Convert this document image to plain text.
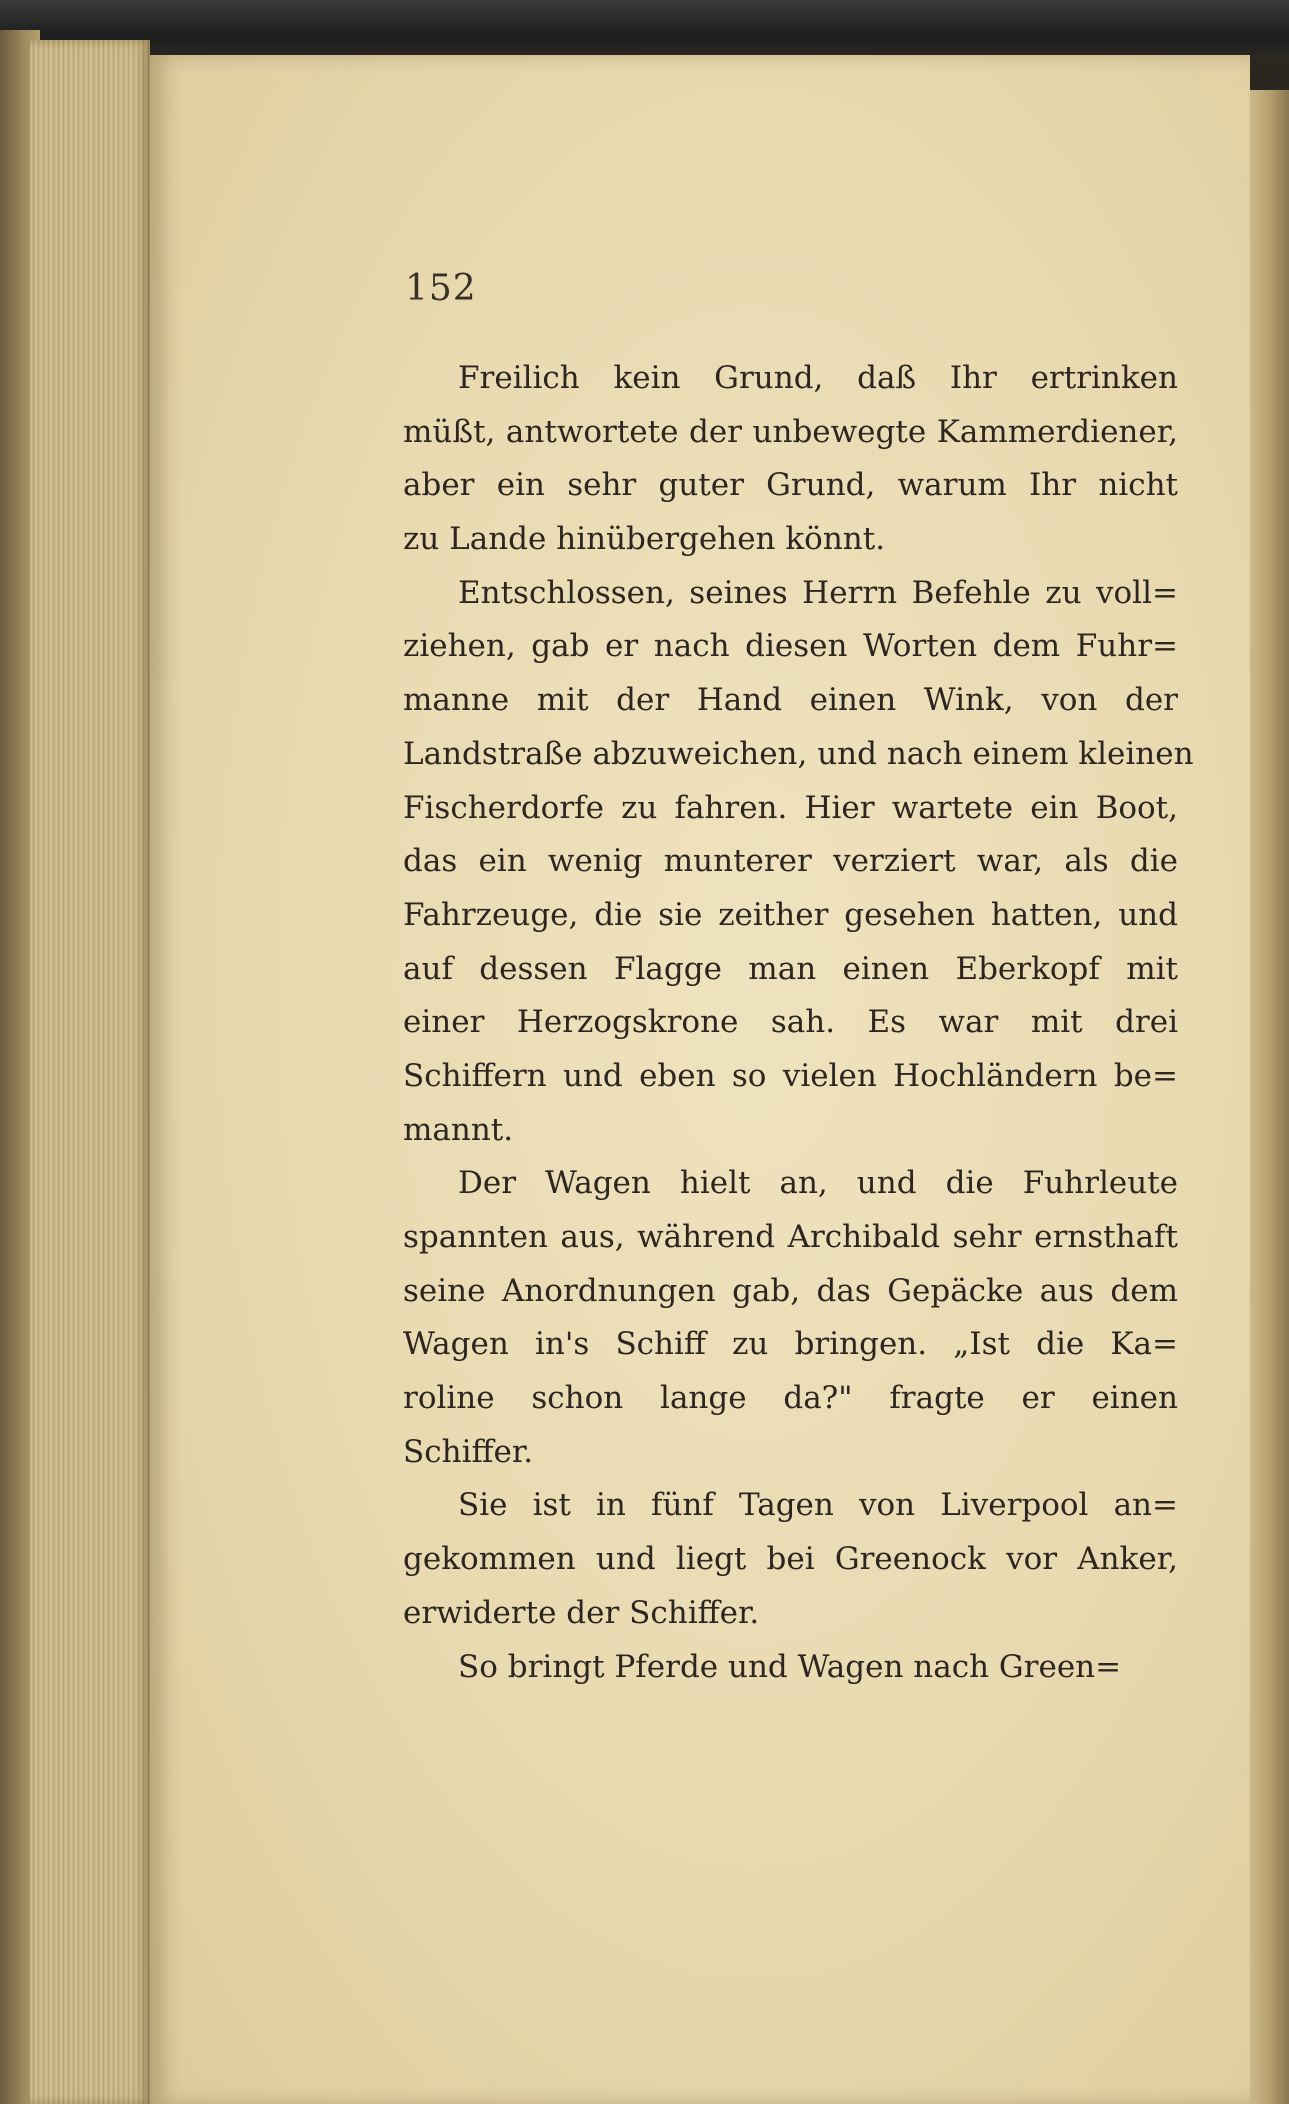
152
Freilich kein Grund, daß Ihr ertrinken
müßt, antwortete der unbewegte Kammerdiener,
aber ein sehr guter Grund, warum Ihr nicht
zu Lande hinübergehen könnt.
Entschlossen, seines Herrn Befehle zu voll=
ziehen, gab er nach diesen Worten dem Fuhr=
manne mit der Hand einen Wink, von der
Landstraße abzuweichen, und nach einem kleinen
Fischerdorfe zu fahren. Hier wartete ein Boot,
das ein wenig munterer verziert war, als die
Fahrzeuge, die sie zeither gesehen hatten, und
auf dessen Flagge man einen Eberkopf mit
einer Herzogskrone sah. Es war mit drei
Schiffern und eben so vielen Hochländern be=
mannt.
Der Wagen hielt an, und die Fuhrleute
spannten aus, während Archibald sehr ernsthaft
seine Anordnungen gab, das Gepäcke aus dem
Wagen in's Schiff zu bringen. „Ist die Ka=
roline schon lange da?" fragte er einen
Schiffer.
Sie ist in fünf Tagen von Liverpool an=
gekommen und liegt bei Greenock vor Anker,
erwiderte der Schiffer.
So bringt Pferde und Wagen nach Green=
